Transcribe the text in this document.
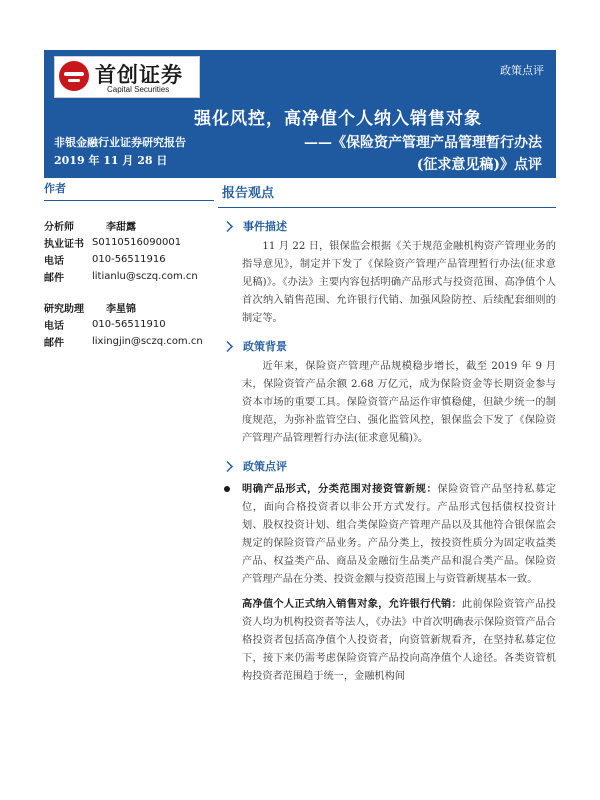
首创证券
Capital Securities
政策点评
强化风控，高净值个人纳入销售对象
非银金融行业证券研究报告
2019 年 11 月 28 日
——《保险资产管理产品管理暂行办法
(征求意见稿)》点评
作者
分析师	李甜露
执业证书 S0110516090001
电话	010-56511916
邮件	litianlu@sczq.com.cn
研究助理	李星锦
电话	010-56511910
邮件	lixingjin@sczq.com.cn
报告观点
事件描述

11 月 22 日，银保监会根据《关于规范金融机构资产管理业务的指导意见》，制定并下发了《保险资产管理产品管理暂行办法(征求意见稿)》。《办法》主要内容包括明确产品形式与投资范围、高净值个人首次纳入销售范围、允许银行代销、加强风险防控、后续配套细则的制定等。

政策背景

近年来，保险资产管理产品规模稳步增长，截至 2019 年 9 月末，保险资管产品余额 2.68 万亿元，成为保险资金等长期资金参与资本市场的重要工具。保险资管产品运作审慎稳健，但缺少统一的制度规范，为弥补监管空白、强化监管风控，银保监会下发了《保险资产管理产品管理暂行办法(征求意见稿)》。

政策点评
明确产品形式，分类范围对接资管新规：保险资管产品坚持私募定位，面向合格投资者以非公开方式发行。产品形式包括债权投资计划、股权投资计划、组合类保险资产管理产品以及其他符合银保监会规定的保险资管产品业务。产品分类上，按投资性质分为固定收益类产品、权益类产品、商品及金融衍生品类产品和混合类产品。保险资产管理产品在分类、投资金额与投资范围上与资管新规基本一致。

高净值个人正式纳入销售对象，允许银行代销：此前保险资管产品投资人均为机构投资者等法人，《办法》中首次明确表示保险资管产品合格投资者包括高净值个人投资者，向资管新规看齐，在坚持私募定位下，接下来仍需考虑保险资管产品投向高净值个人途径。各类资管机构投资者范围趋于统一，金融机构间
